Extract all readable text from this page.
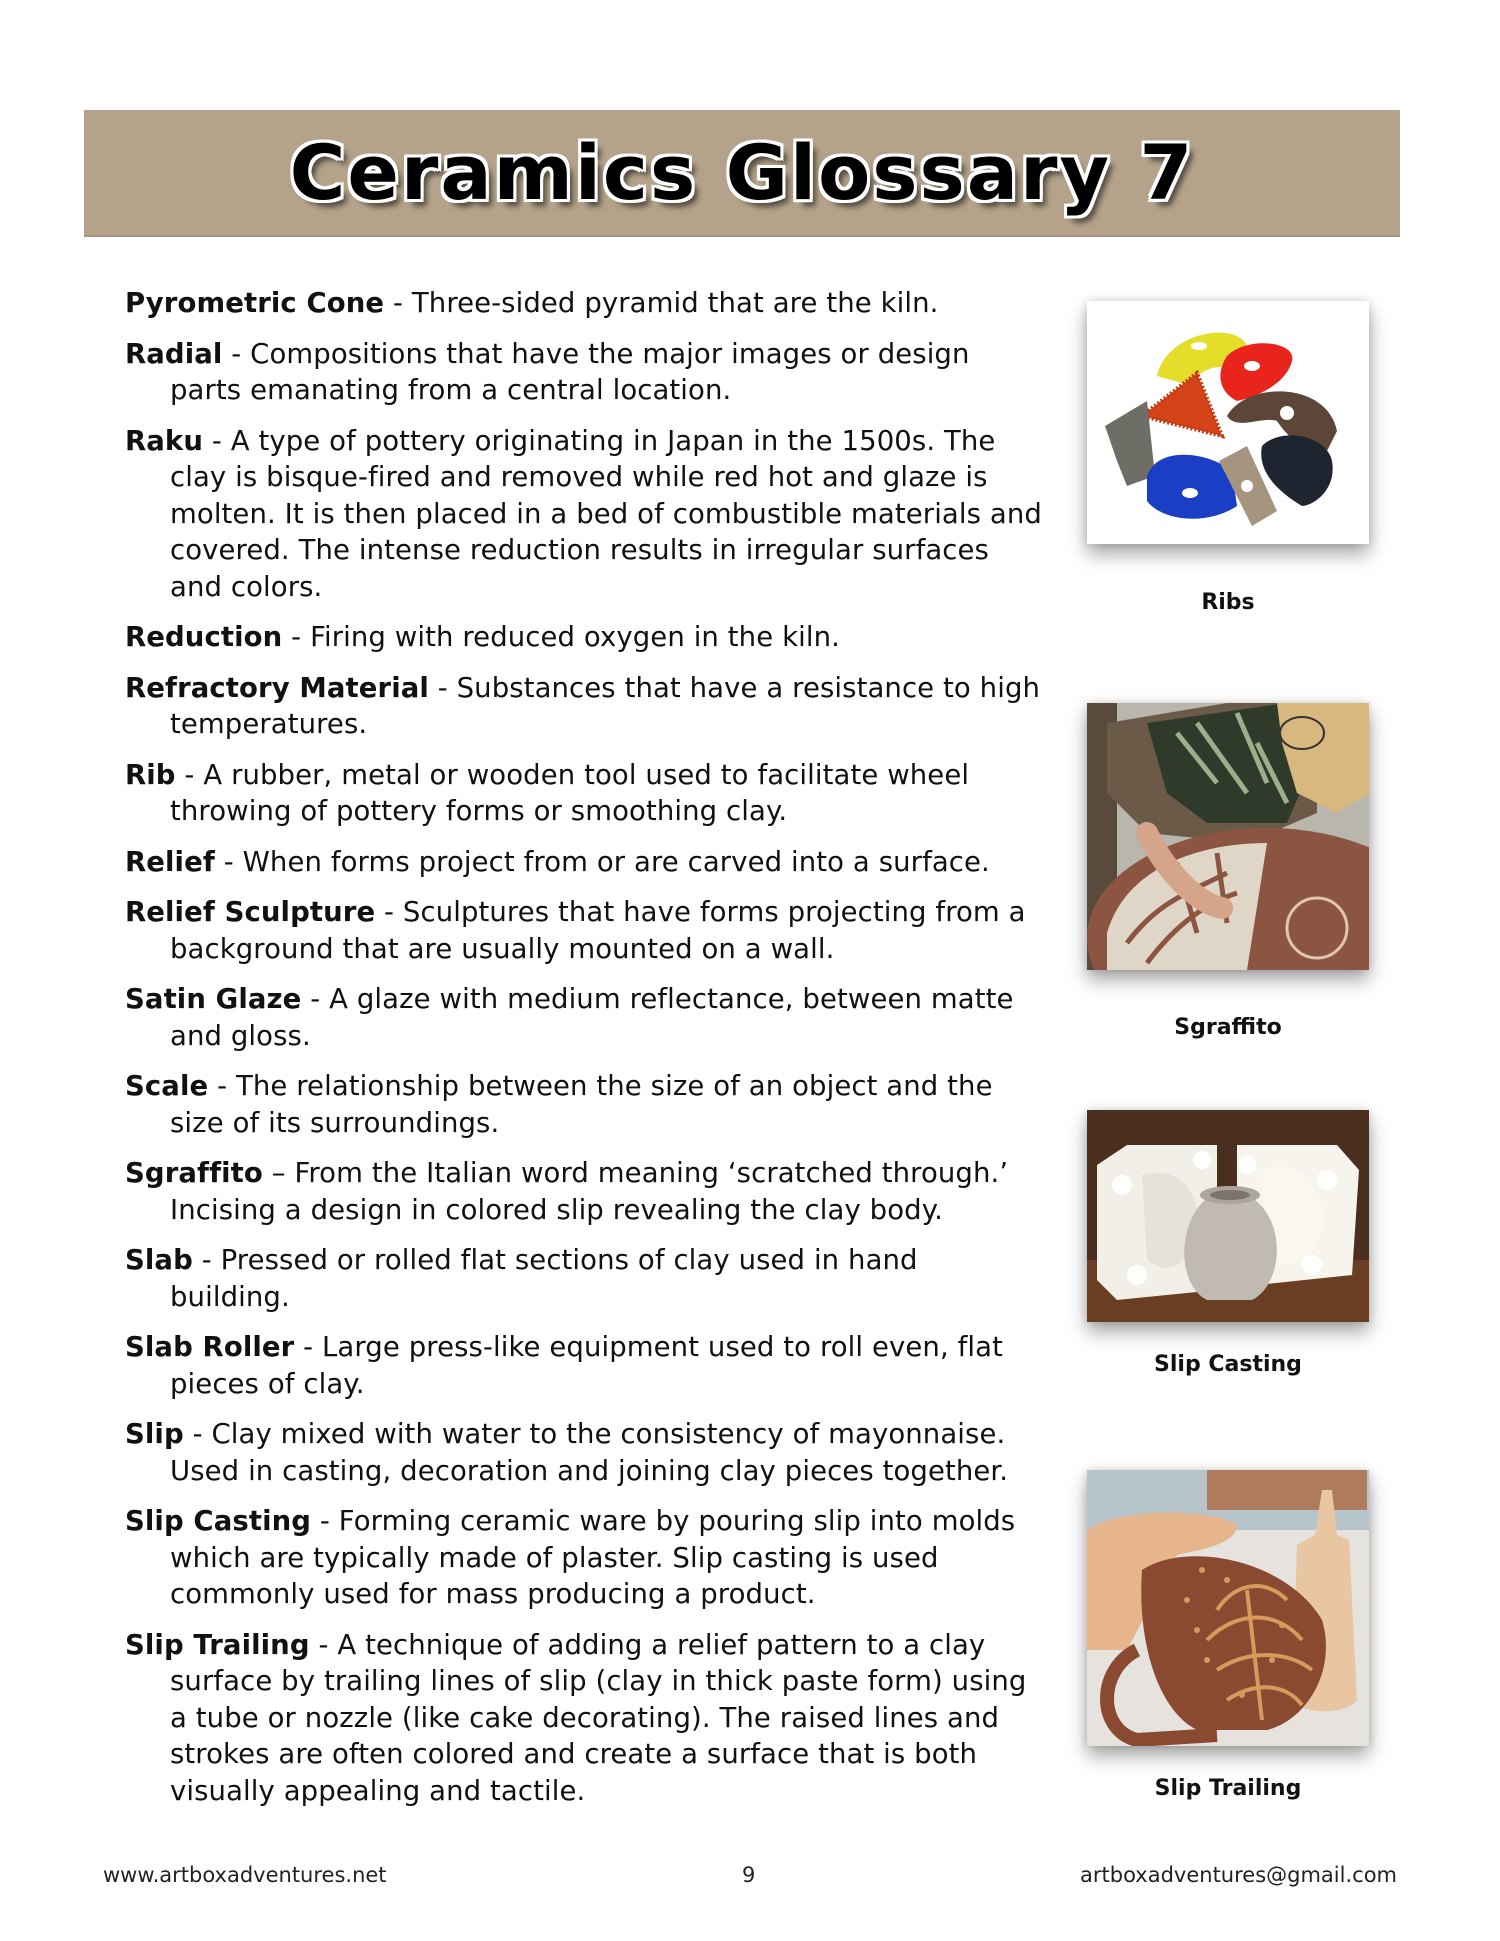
Ceramics Glossary 7
Pyrometric Cone - Three-sided pyramid that are the kiln.
Radial - Compositions that have the major images or design parts emanating from a central location.
Raku - A type of pottery originating in Japan in the 1500s. The clay is bisque-fired and removed while red hot and glaze is molten. It is then placed in a bed of combustible materials and covered. The intense reduction results in irregular surfaces and colors.
Reduction - Firing with reduced oxygen in the kiln.
Refractory Material - Substances that have a resistance to high temperatures.
Rib - A rubber, metal or wooden tool used to facilitate wheel throwing of pottery forms or smoothing clay.
Relief - When forms project from or are carved into a surface.
Relief Sculpture - Sculptures that have forms projecting from a background that are usually mounted on a wall.
Satin Glaze - A glaze with medium reflectance, between matte and gloss.
Scale - The relationship between the size of an object and the size of its surroundings.
Sgraffito – From the Italian word meaning ‘scratched through.’ Incising a design in colored slip revealing the clay body.
Slab - Pressed or rolled flat sections of clay used in hand building.
Slab Roller - Large press-like equipment used to roll even, flat pieces of clay.
Slip - Clay mixed with water to the consistency of mayonnaise. Used in casting, decoration and joining clay pieces together.
Slip Casting - Forming ceramic ware by pouring slip into molds which are typically made of plaster. Slip casting is used commonly used for mass producing a product.
Slip Trailing - A technique of adding a relief pattern to a clay surface by trailing lines of slip (clay in thick paste form) using a tube or nozzle (like cake decorating). The raised lines and strokes are often colored and create a surface that is both visually appealing and tactile.
Ribs
Sgraffito
Slip Casting
Slip Trailing
www.artboxadventures.net	9	artboxadventures@gmail.com
